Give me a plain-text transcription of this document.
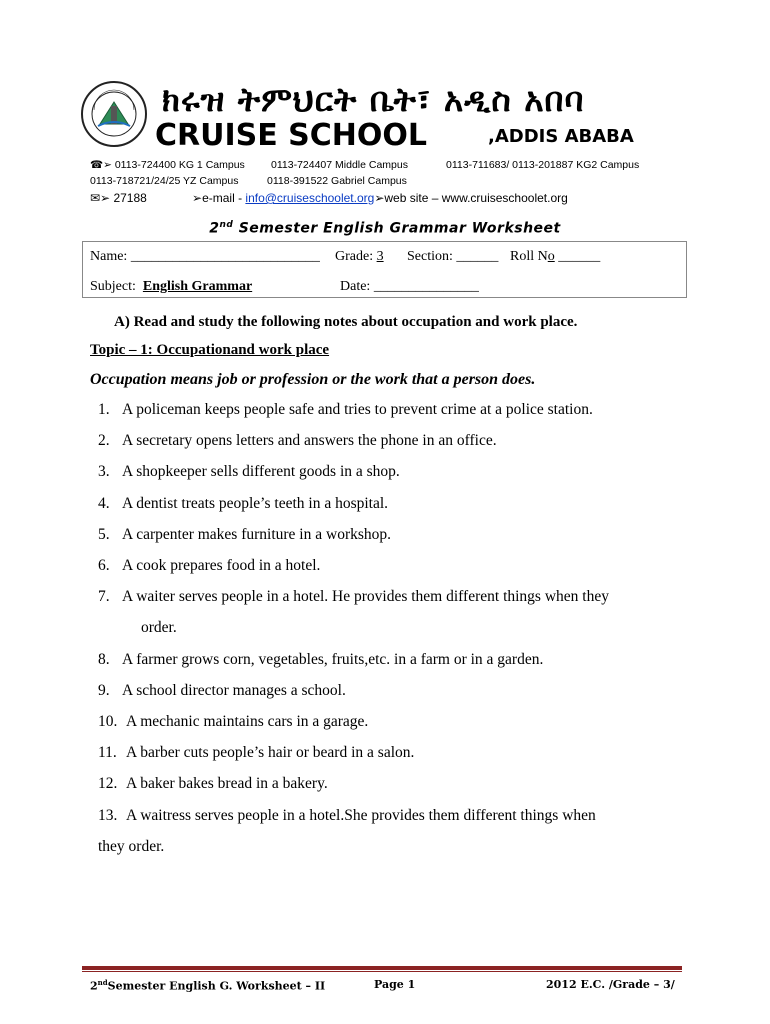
ክሩዝ ትምህርት ቤት፣ አዲስ አበባ
CRUISE SCHOOL	,ADDIS ABABA
☎➢ 0113-724400 KG 1 Campus 0113-724407 Middle Campus	0113-711683/ 0113-201887 KG2 Campus
0113-718721/24/25 YZ Campus	0118-391522 Gabriel Campus
✉➢ 27188	➢e-mail - info@cruiseschoolet.org➢web site – www.cruiseschoolet.org
2nd Semester English Grammar Worksheet
Name: ___________________________ Grade: 3 Section: ______ Roll No ______
Subject: English Grammar	Date: _______________
A) Read and study the following notes about occupation and work place.
Topic – 1: Occupationand work place
Occupation means job or profession or the work that a person does.
1. A policeman keeps people safe and tries to prevent crime at a police station.
2. A secretary opens letters and answers the phone in an office.
3. A shopkeeper sells different goods in a shop.
4. A dentist treats people’s teeth in a hospital.
5. A carpenter makes furniture in a workshop.
6. A cook prepares food in a hotel.
7. A waiter serves people in a hotel. He provides them different things when they
order.
8. A farmer grows corn, vegetables, fruits,etc. in a farm or in a garden.
9. A school director manages a school.
10. A mechanic maintains cars in a garage.
11. A barber cuts people’s hair or beard in a salon.
12. A baker bakes bread in a bakery.
13. A waitress serves people in a hotel.She provides them different things when
they order.
2ndSemester English G. Worksheet – II	Page 1	2012 E.C. /Grade – 3/
